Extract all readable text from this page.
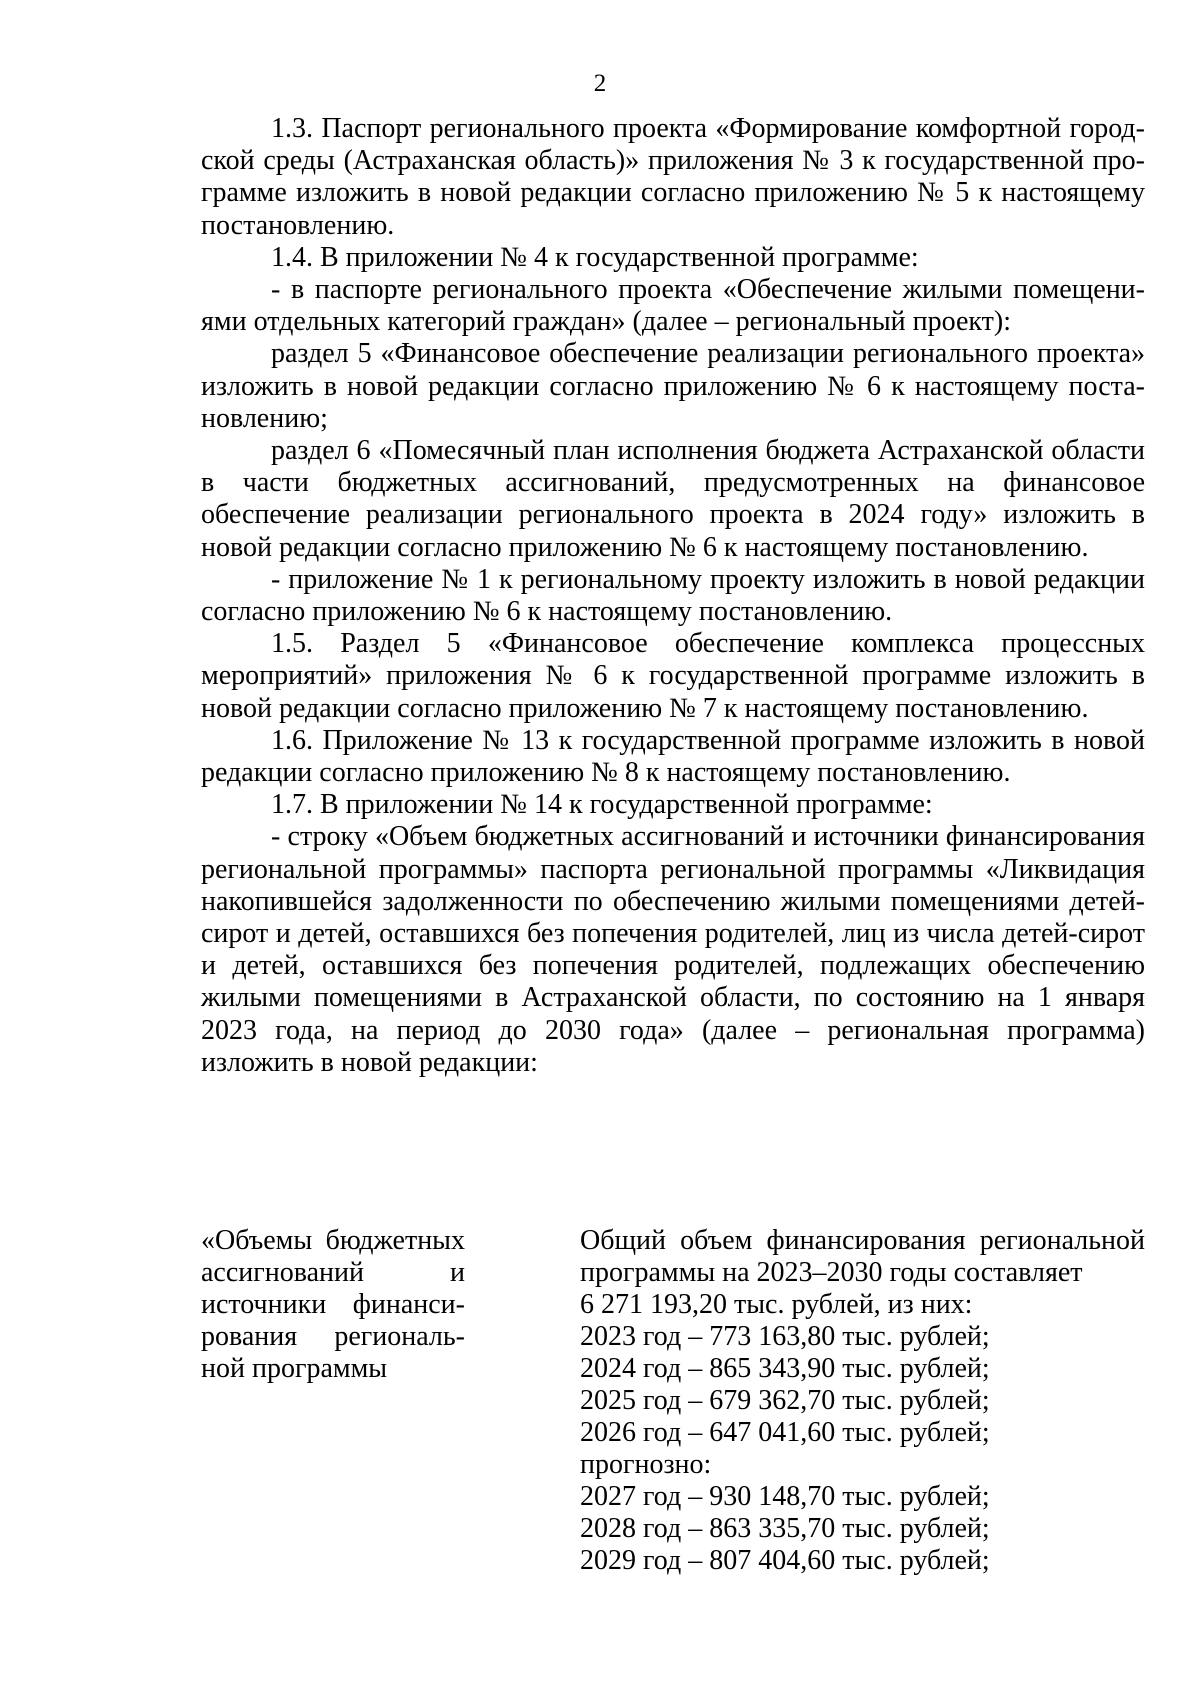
2

1.3. Паспорт регионального проекта «Формирование комфортной городской среды (Астраханская область)» приложения № 3 к государственной программе изложить в новой редакции согласно приложению № 5 к настоящему постановлению.

1.4. В приложении № 4 к государственной программе:

- в паспорте регионального проекта «Обеспечение жилыми помещениями отдельных категорий граждан» (далее – региональный проект):

раздел 5 «Финансовое обеспечение реализации регионального проекта» изложить в новой редакции согласно приложению № 6 к настоящему постановлению;

раздел 6 «Помесячный план исполнения бюджета Астраханской области в части бюджетных ассигнований, предусмотренных на финансовое обеспечение реализации регионального проекта в 2024 году» изложить в новой редакции согласно приложению № 6 к настоящему постановлению.

- приложение № 1 к региональному проекту изложить в новой редакции согласно приложению № 6 к настоящему постановлению.

1.5. Раздел 5 «Финансовое обеспечение комплекса процессных мероприятий» приложения № 6 к государственной программе изложить в новой редакции согласно приложению № 7 к настоящему постановлению.

1.6. Приложение № 13 к государственной программе изложить в новой редакции согласно приложению № 8 к настоящему постановлению.

1.7. В приложении № 14 к государственной программе:

- строку «Объем бюджетных ассигнований и источники финансирования региональной программы» паспорта региональной программы «Ликвидация накопившейся задолженности по обеспечению жилыми помещениями детей-сирот и детей, оставшихся без попечения родителей, лиц из числа детей-сирот и детей, оставшихся без попечения родителей, подлежащих обеспечению жилыми помещениями в Астраханской области, по состоянию на 1 января 2023 года, на период до 2030 года» (далее – региональная программа) изложить в новой редакции:

«Объемы бюджетных ассигнований и источники финансирования региональной программы
Общий объем финансирования региональной программы на 2023–2030 годы составляет
6 271 193,20 тыс. рублей, из них:
2023 год – 773 163,80 тыс. рублей;
2024 год – 865 343,90 тыс. рублей;
2025 год – 679 362,70 тыс. рублей;
2026 год – 647 041,60 тыс. рублей;
прогнозно:
2027 год – 930 148,70 тыс. рублей;
2028 год – 863 335,70 тыс. рублей;
2029 год – 807 404,60 тыс. рублей;
